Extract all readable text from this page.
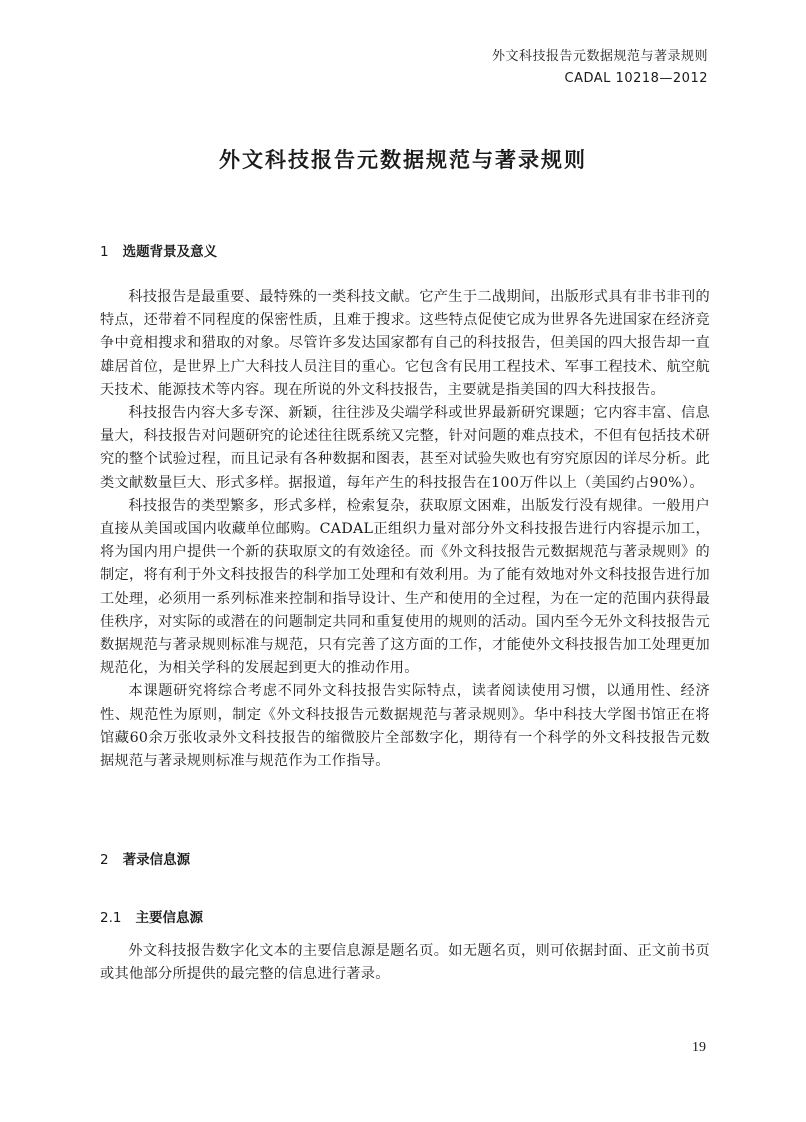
外文科技报告元数据规范与著录规则
CADAL 10218—2012
外文科技报告元数据规范与著录规则
1 选题背景及意义

科技报告是最重要、最特殊的一类科技文献。它产生于二战期间，出版形式具有非书非刊的特点，还带着不同程度的保密性质，且难于搜求。这些特点促使它成为世界各先进国家在经济竞争中竟相搜求和猎取的对象。尽管许多发达国家都有自己的科技报告，但美国的四大报告却一直雄居首位，是世界上广大科技人员注目的重心。它包含有民用工程技术、军事工程技术、航空航天技术、能源技术等内容。现在所说的外文科技报告，主要就是指美国的四大科技报告。

科技报告内容大多专深、新颖，往往涉及尖端学科或世界最新研究课题；它内容丰富、信息量大，科技报告对问题研究的论述往往既系统又完整，针对问题的难点技术，不但有包括技术研究的整个试验过程，而且记录有各种数据和图表，甚至对试验失败也有穷究原因的详尽分析。此类文献数量巨大、形式多样。据报道，每年产生的科技报告在100万件以上（美国约占90%）。

科技报告的类型繁多，形式多样，检索复杂，获取原文困难，出版发行没有规律。一般用户直接从美国或国内收藏单位邮购。CADAL正组织力量对部分外文科技报告进行内容提示加工，将为国内用户提供一个新的获取原文的有效途径。而《外文科技报告元数据规范与著录规则》的制定，将有利于外文科技报告的科学加工处理和有效利用。为了能有效地对外文科技报告进行加工处理，必须用一系列标准来控制和指导设计、生产和使用的全过程，为在一定的范围内获得最佳秩序，对实际的或潜在的问题制定共同和重复使用的规则的活动。国内至今无外文科技报告元数据规范与著录规则标准与规范，只有完善了这方面的工作，才能使外文科技报告加工处理更加规范化，为相关学科的发展起到更大的推动作用。

本课题研究将综合考虑不同外文科技报告实际特点，读者阅读使用习惯，以通用性、经济性、规范性为原则，制定《外文科技报告元数据规范与著录规则》。华中科技大学图书馆正在将馆藏60余万张收录外文科技报告的缩微胶片全部数字化，期待有一个科学的外文科技报告元数据规范与著录规则标准与规范作为工作指导。

2 著录信息源
2.1 主要信息源

外文科技报告数字化文本的主要信息源是题名页。如无题名页，则可依据封面、正文前书页或其他部分所提供的最完整的信息进行著录。

19
